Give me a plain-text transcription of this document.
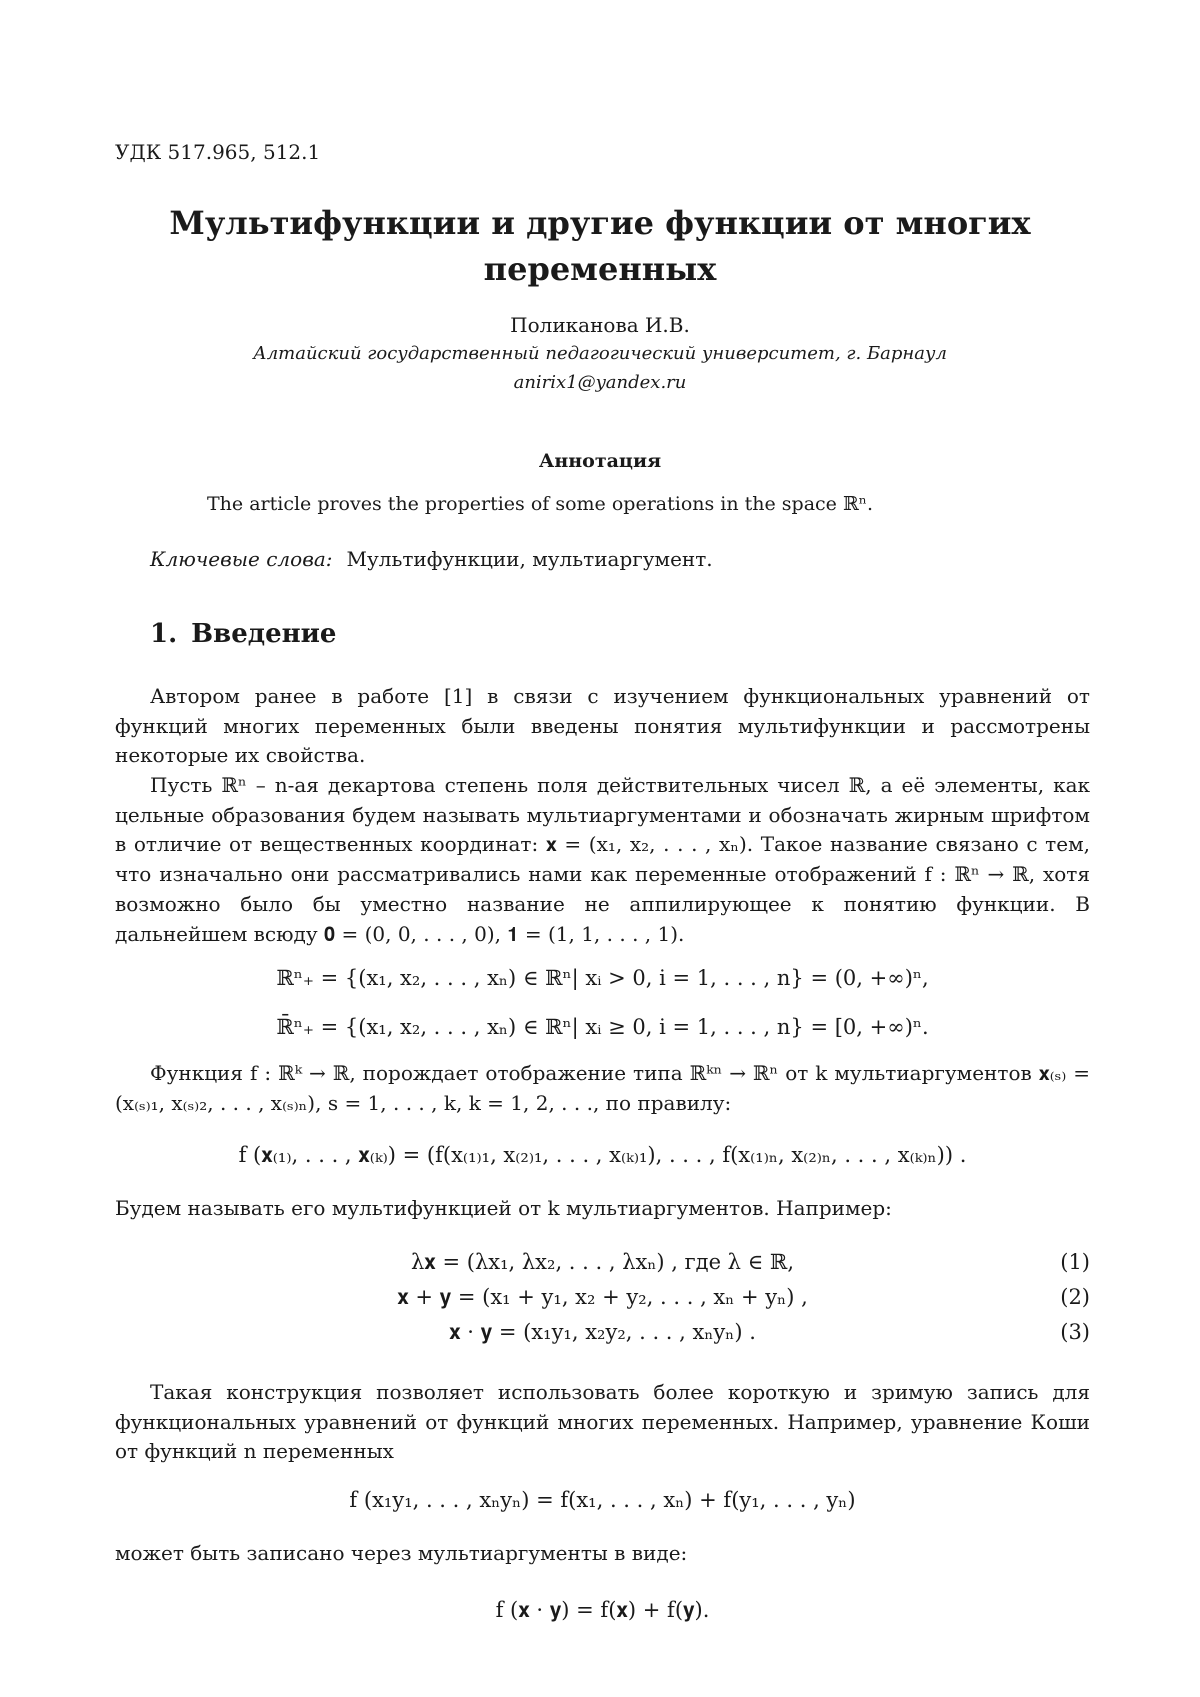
УДК 517.965, 512.1
Мультифункции и другие функции от многих переменных
Поликанова И.В.
Алтайский государственный педагогический университет, г. Барнаул
anirix1@yandex.ru
Аннотация
The article proves the properties of some operations in the space ℝⁿ.
Ключевые слова: Мультифункции, мультиаргумент.
1. Введение
Автором ранее в работе [1] в связи с изучением функциональных уравнений от функций многих переменных были введены понятия мультифункции и рассмотрены некоторые их свойства.
Пусть ℝⁿ – n-ая декартова степень поля действительных чисел ℝ, а её элементы, как цельные образования будем называть мультиаргументами и обозначать жирным шрифтом в отличие от вещественных координат: 𝐱 = (x₁, x₂, . . . , xₙ). Такое название связано с тем, что изначально они рассматривались нами как переменные отображений f : ℝⁿ → ℝ, хотя возможно было бы уместно название не аппилирующее к понятию функции. В дальнейшем всюду 𝟎 = (0, 0, . . . , 0), 𝟏 = (1, 1, . . . , 1).
ℝⁿ₊ = {(x₁, x₂, . . . , xₙ) ∈ ℝⁿ| xᵢ > 0, i = 1, . . . , n} = (0, +∞)ⁿ,
ℝ̄ⁿ₊ = {(x₁, x₂, . . . , xₙ) ∈ ℝⁿ| xᵢ ≥ 0, i = 1, . . . , n} = [0, +∞)ⁿ.
Функция f : ℝᵏ → ℝ, порождает отображение типа ℝᵏⁿ → ℝⁿ от k мультиаргументов 𝐱₍ₛ₎ = (x₍ₛ₎₁, x₍ₛ₎₂, . . . , x₍ₛ₎ₙ), s = 1, . . . , k, k = 1, 2, . . ., по правилу:
f (𝐱₍₁₎, . . . , 𝐱₍ₖ₎) = (f(x₍₁₎₁, x₍₂₎₁, . . . , x₍ₖ₎₁), . . . , f(x₍₁₎ₙ, x₍₂₎ₙ, . . . , x₍ₖ₎ₙ)) .
Будем называть его мультифункцией от k мультиаргументов. Например:
λ𝐱 = (λx₁, λx₂, . . . , λxₙ) , где λ ∈ ℝ,	(1)
𝐱 + 𝐲 = (x₁ + y₁, x₂ + y₂, . . . , xₙ + yₙ) ,	(2)
𝐱 · 𝐲 = (x₁y₁, x₂y₂, . . . , xₙyₙ) .	(3)
Такая конструкция позволяет использовать более короткую и зримую запись для функциональных уравнений от функций многих переменных. Например, уравнение Коши от функций n переменных
f (x₁y₁, . . . , xₙyₙ) = f(x₁, . . . , xₙ) + f(y₁, . . . , yₙ)
может быть записано через мультиаргументы в виде:
f (𝐱 · 𝐲) = f(𝐱) + f(𝐲).
